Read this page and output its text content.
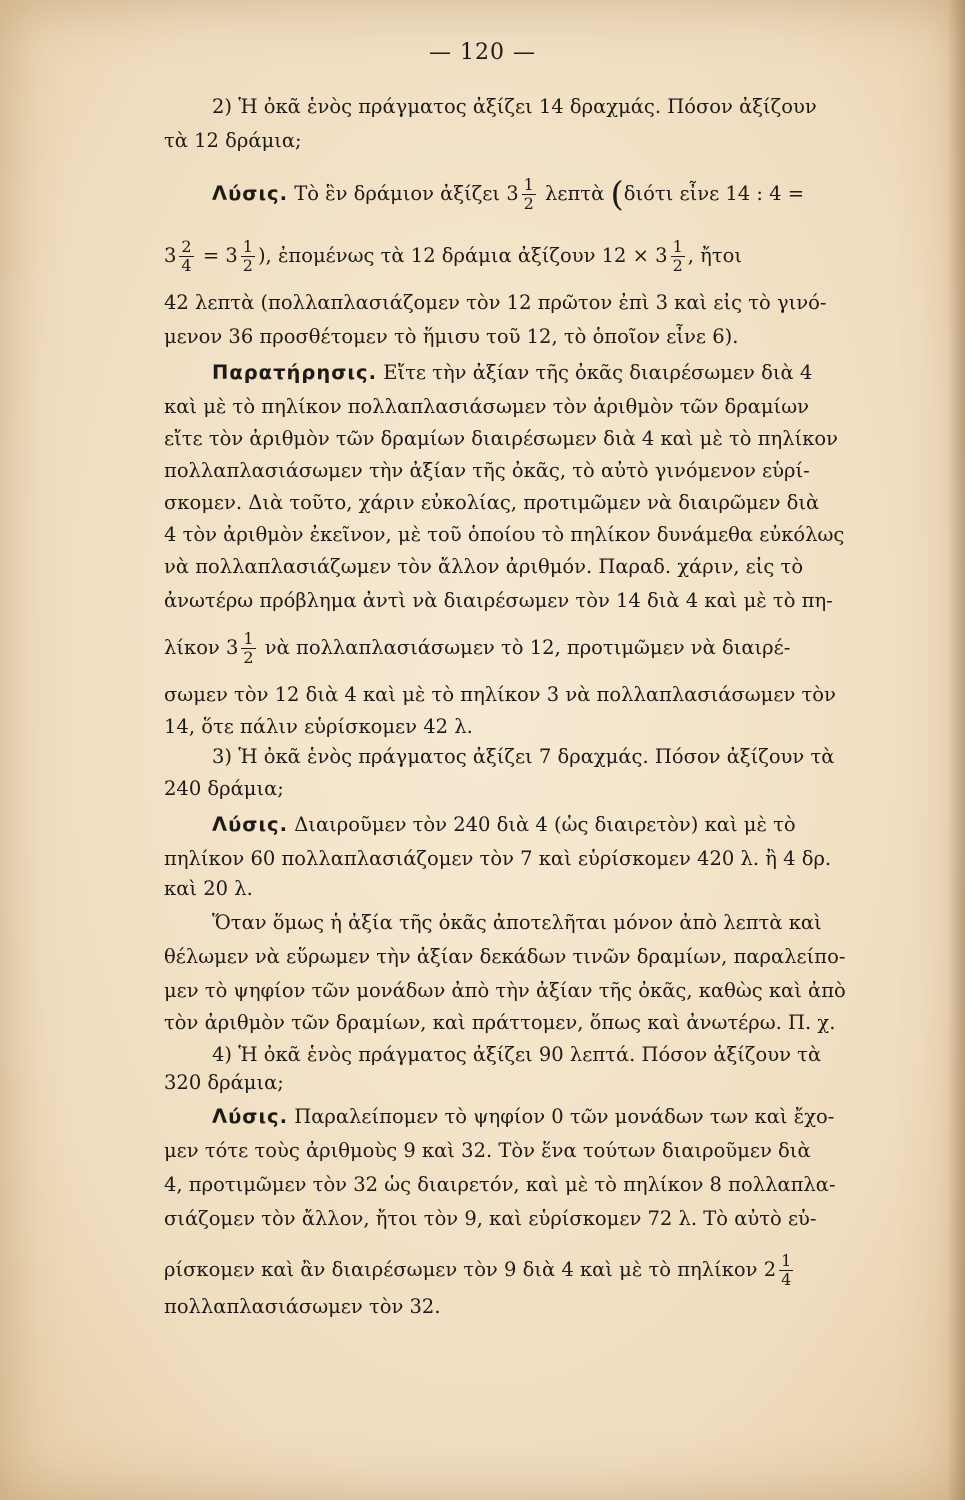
— 120 —
2) Ἡ ὀκᾶ ἑνὸς πράγματος ἀξίζει 14 δραχμάς. Πόσον ἀξίζουν
τὰ 12 δράμια;
Λύσις. Τὸ ἓν δράμιον ἀξίζει $3 \frac{1}{2}$ λεπτὰ (διότι εἶνε 14 : 4 =
$3 \frac{2}{4} = 3 \frac{1}{2}$ ), ἐπομένως τὰ 12 δράμια ἀξίζουν $12 \times 3 \frac{1}{2}$ , ἤτοι
42 λεπτὰ (πολλαπλασιάζομεν τὸν 12 πρῶτον ἐπὶ 3 καὶ εἰς τὸ γινό-
μενον 36 προσθέτομεν τὸ ἥμισυ τοῦ 12, τὸ ὁποῖον εἶνε 6).
Παρατήρησις. Εἴτε τὴν ἀξίαν τῆς ὀκᾶς διαιρέσωμεν διὰ 4
καὶ μὲ τὸ πηλίκον πολλαπλασιάσωμεν τὸν ἀριθμὸν τῶν δραμίων
εἴτε τὸν ἀριθμὸν τῶν δραμίων διαιρέσωμεν διὰ 4 καὶ μὲ τὸ πηλίκον
πολλαπλασιάσωμεν τὴν ἀξίαν τῆς ὀκᾶς, τὸ αὐτὸ γινόμενον εὑρί-
σκομεν. Διὰ τοῦτο, χάριν εὐκολίας, προτιμῶμεν νὰ διαιρῶμεν διὰ
4 τὸν ἀριθμὸν ἐκεῖνον, μὲ τοῦ ὁποίου τὸ πηλίκον δυνάμεθα εὐκόλως
νὰ πολλαπλασιάζωμεν τὸν ἄλλον ἀριθμόν. Παραδ. χάριν, εἰς τὸ
ἀνωτέρω πρόβλημα ἀντὶ νὰ διαιρέσωμεν τὸν 14 διὰ 4 καὶ μὲ τὸ πη-
λίκον $3 \frac{1}{2}$ νὰ πολλαπλασιάσωμεν τὸ 12, προτιμῶμεν νὰ διαιρέ-
σωμεν τὸν 12 διὰ 4 καὶ μὲ τὸ πηλίκον 3 νὰ πολλαπλασιάσωμεν τὸν
14, ὅτε πάλιν εὑρίσκομεν 42 λ.
3) Ἡ ὀκᾶ ἑνὸς πράγματος ἀξίζει 7 δραχμάς. Πόσον ἀξίζουν τὰ
240 δράμια;
Λύσις. Διαιροῦμεν τὸν 240 διὰ 4 (ὡς διαιρετὸν) καὶ μὲ τὸ
πηλίκον 60 πολλαπλασιάζομεν τὸν 7 καὶ εὑρίσκομεν 420 λ. ἢ 4 δρ.
καὶ 20 λ.
Ὅταν ὅμως ἡ ἀξία τῆς ὀκᾶς ἀποτελῆται μόνον ἀπὸ λεπτὰ καὶ
θέλωμεν νὰ εὕρωμεν τὴν ἀξίαν δεκάδων τινῶν δραμίων, παραλείπο-
μεν τὸ ψηφίον τῶν μονάδων ἀπὸ τὴν ἀξίαν τῆς ὀκᾶς, καθὼς καὶ ἀπὸ
τὸν ἀριθμὸν τῶν δραμίων, καὶ πράττομεν, ὅπως καὶ ἀνωτέρω. Π. χ.
4) Ἡ ὀκᾶ ἑνὸς πράγματος ἀξίζει 90 λεπτά. Πόσον ἀξίζουν τὰ
320 δράμια;
Λύσις. Παραλείπομεν τὸ ψηφίον 0 τῶν μονάδων των καὶ ἔχο-
μεν τότε τοὺς ἀριθμοὺς 9 καὶ 32. Τὸν ἕνα τούτων διαιροῦμεν διὰ
4, προτιμῶμεν τὸν 32 ὡς διαιρετόν, καὶ μὲ τὸ πηλίκον 8 πολλαπλα-
σιάζομεν τὸν ἄλλον, ἤτοι τὸν 9, καὶ εὑρίσκομεν 72 λ. Τὸ αὐτὸ εὑ-
ρίσκομεν καὶ ἂν διαιρέσωμεν τὸν 9 διὰ 4 καὶ μὲ τὸ πηλίκον $2 \frac{1}{4}$
πολλαπλασιάσωμεν τὸν 32.
